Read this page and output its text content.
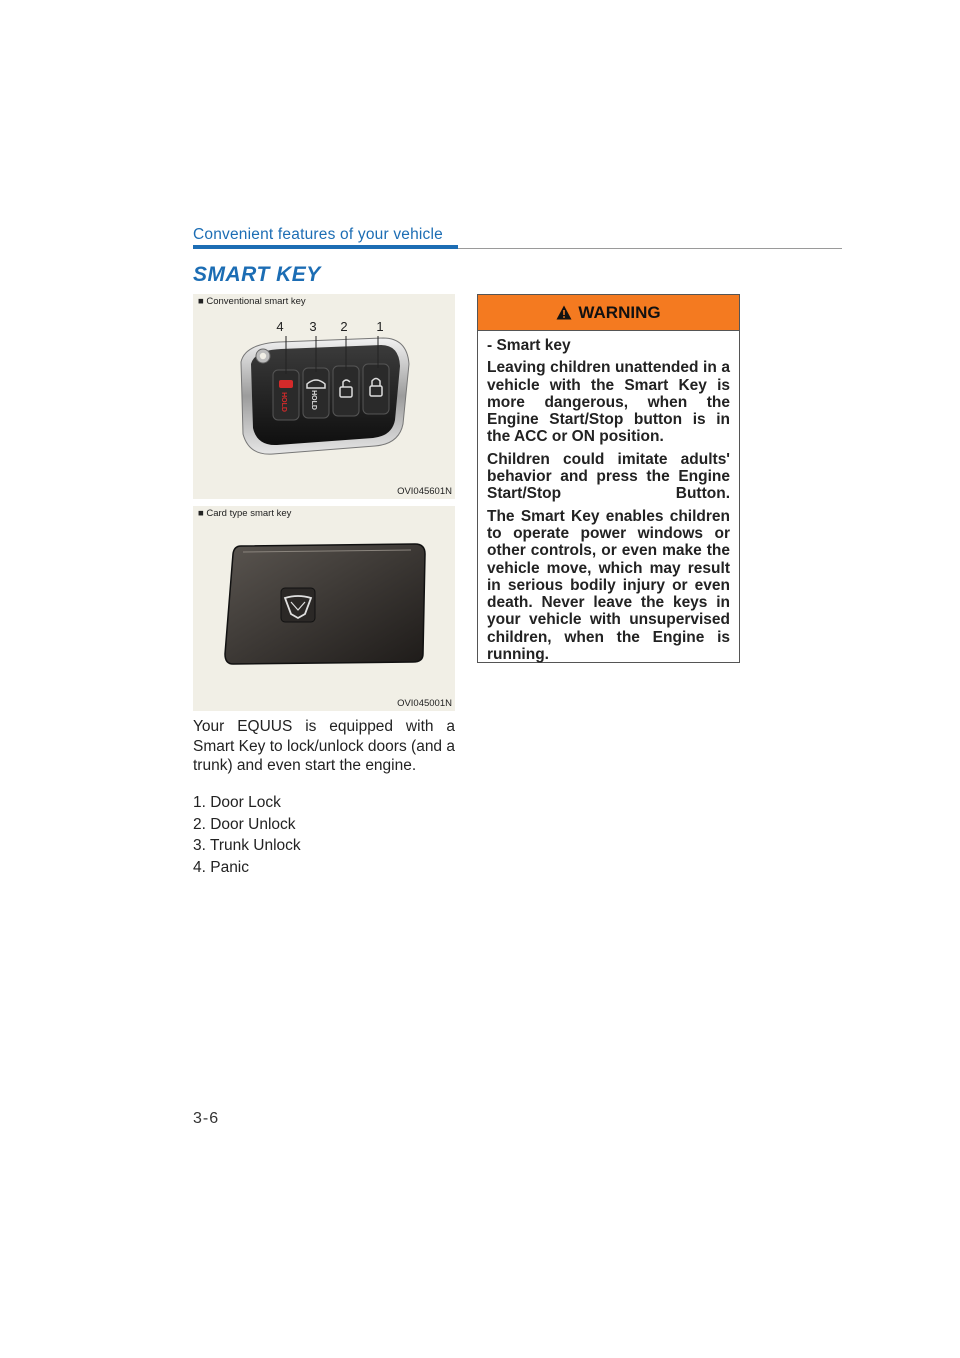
Convenient features of your vehicle
SMART KEY
HOLD	HOLD
4 3 2 1
■ Conventional smart key
OVI045601N
■ Card type smart key
OVI045001N
Your EQUUS is equipped with a Smart Key to lock/unlock doors (and a trunk) and even start the engine.
1. Door Lock
2. Door Unlock
3. Trunk Unlock
4. Panic
WARNING

- Smart key

Leaving children unattended in a vehicle with the Smart Key is more dangerous, when the Engine Start/Stop button is in the ACC or ON position.

Children could imitate adults' behavior and press the Engine Start/Stop Button.

The Smart Key enables children to operate power windows or other controls, or even make the vehicle move, which may result in serious bodily injury or even death. Never leave the keys in your vehicle with unsupervised children, when the Engine is running.

3-6
